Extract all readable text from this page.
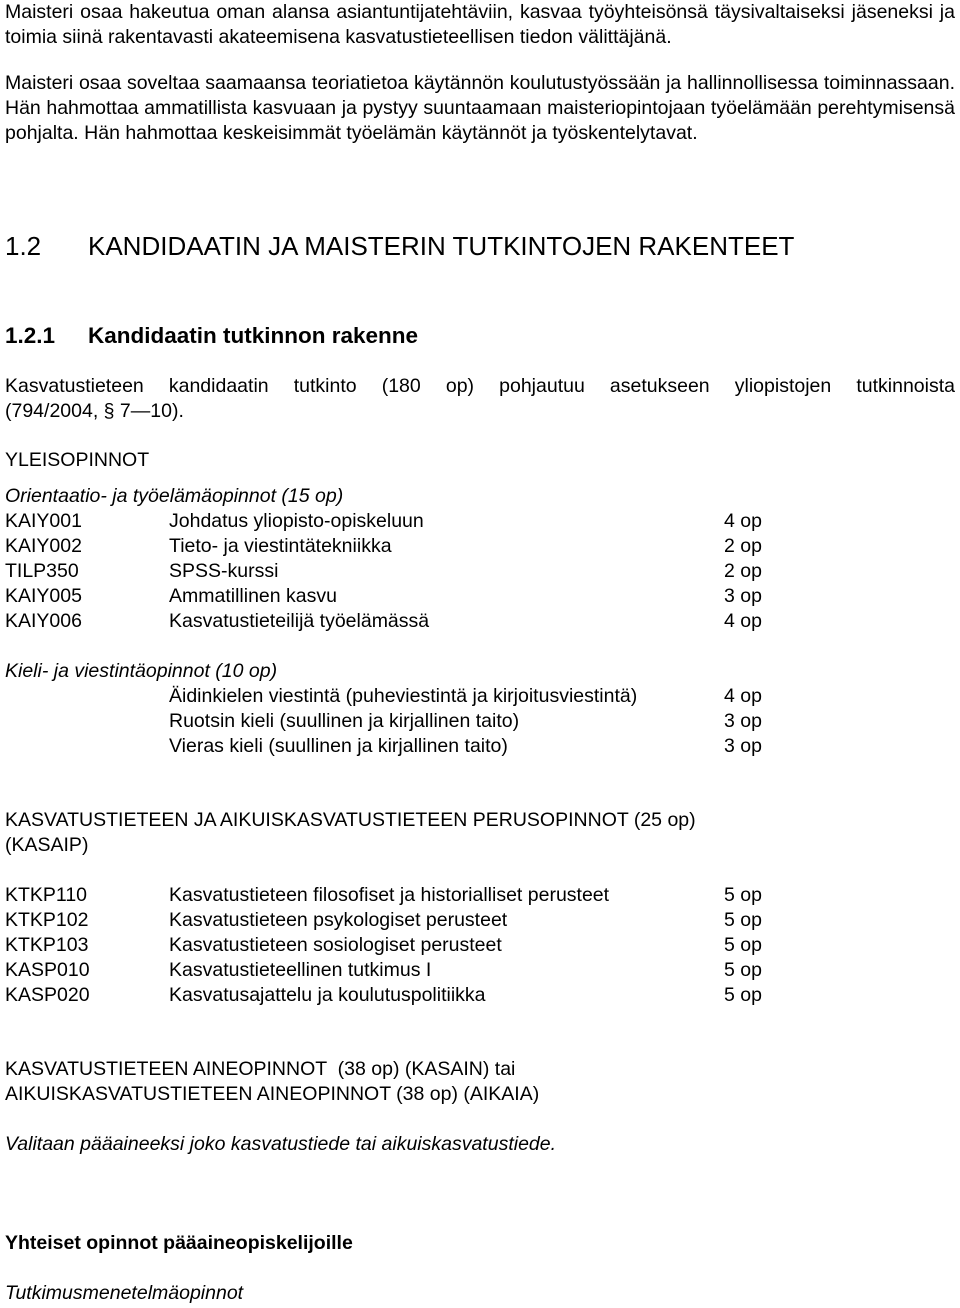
Maisteri osaa hakeutua oman alansa asiantuntijatehtäviin, kasvaa työyhteisönsä täysivaltaiseksi jäseneksi ja toimia siinä rakentavasti akateemisena kasvatustieteellisen tiedon välittäjänä.

Maisteri osaa soveltaa saamaansa teoriatietoa käytännön koulutustyössään ja hallinnollisessa toiminnassaan. Hän hahmottaa ammatillista kasvuaan ja pystyy suuntaamaan maisteriopintojaan työelämään perehtymisensä pohjalta. Hän hahmottaa keskeisimmät työelämän käytännöt ja työskentelytavat.

1.2 KANDIDAATIN JA MAISTERIN TUTKINTOJEN RAKENTEET
1.2.1 Kandidaatin tutkinnon rakenne

Kasvatustieteen kandidaatin tutkinto (180 op) pohjautuu asetukseen yliopistojen tutkinnoista

(794/2004, § 7—10).

YLEISOPINNOT

Orientaatio- ja työelämäopinnot (15 op)

KAIY001	Johdatus yliopisto-opiskeluun	4 op
KAIY002	Tieto- ja viestintätekniikka	2 op
TILP350	SPSS-kurssi	2 op
KAIY005	Ammatillinen kasvu	3 op
KAIY006	Kasvatustieteilijä työelämässä	4 op

Kieli- ja viestintäopinnot (10 op)

Äidinkielen viestintä (puheviestintä ja kirjoitusviestintä)	4 op
Ruotsin kieli (suullinen ja kirjallinen taito)	3 op
Vieras kieli (suullinen ja kirjallinen taito)	3 op

KASVATUSTIETEEN JA AIKUISKASVATUSTIETEEN PERUSOPINNOT (25 op)

(KASAIP)

KTKP110	Kasvatustieteen filosofiset ja historialliset perusteet	5 op
KTKP102	Kasvatustieteen psykologiset perusteet	5 op
KTKP103	Kasvatustieteen sosiologiset perusteet	5 op
KASP010	Kasvatustieteellinen tutkimus I	5 op
KASP020	Kasvatusajattelu ja koulutuspolitiikka	5 op

KASVATUSTIETEEN AINEOPINNOT  (38 op) (KASAIN) tai

AIKUISKASVATUSTIETEEN AINEOPINNOT (38 op) (AIKAIA)

Valitaan pääaineeksi joko kasvatustiede tai aikuiskasvatustiede.

Yhteiset opinnot pääaineopiskelijoille

Tutkimusmenetelmäopinnot
